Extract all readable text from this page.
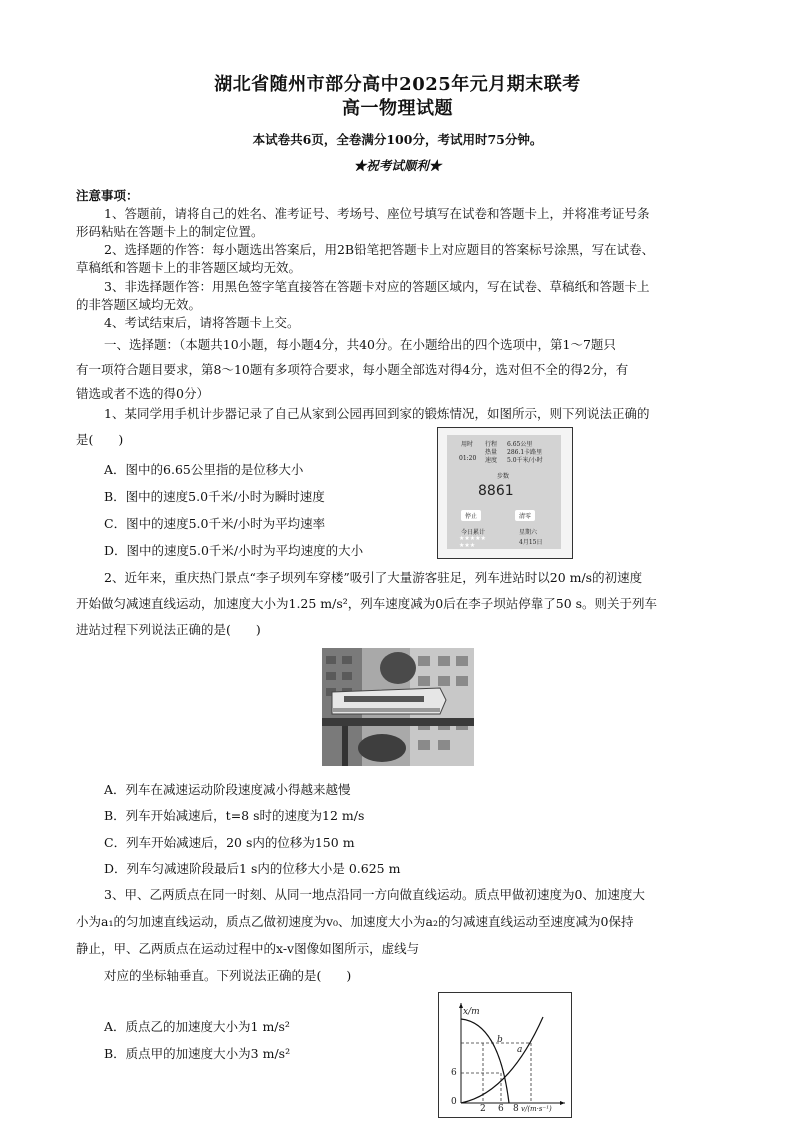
湖北省随州市部分高中2025年元月期末联考
高一物理试题
本试卷共6页，全卷满分100分，考试用时75分钟。
★祝考试顺利★
注意事项：
1、答题前，请将自己的姓名、准考证号、考场号、座位号填写在试卷和答题卡上，并将准考证号条
形码粘贴在答题卡上的制定位置。
2、选择题的作答：每小题选出答案后，用2B铅笔把答题卡上对应题目的答案标号涂黑，写在试卷、
草稿纸和答题卡上的非答题区域均无效。
3、非选择题作答：用黑色签字笔直接答在答题卡对应的答题区域内，写在试卷、草稿纸和答题卡上
的非答题区域均无效。
4、考试结束后，请将答题卡上交。
一、选择题：（本题共10小题，每小题4分，共40分。在小题给出的四个选项中，第1～7题只
有一项符合题目要求，第8～10题有多项符合要求，每小题全部选对得4分，选对但不全的得2分，有
错选或者不选的得0分）
1、某同学用手机计步器记录了自己从家到公园再回到家的锻炼情况，如图所示，则下列说法正确的
是(　　)
A．图中的6.65公里指的是位移大小
B．图中的速度5.0千米/小时为瞬时速度
C．图中的速度5.0千米/小时为平均速率
D．图中的速度5.0千米/小时为平均速度的大小
用时
01:20
行程
热量
速度
6.65公里
286.1卡路里
5.0千米/小时
步数
8861
停止	清零
今日累计
★★★★★
★★★
星期六
4月15日
2、近年来，重庆热门景点“李子坝列车穿楼”吸引了大量游客驻足，列车进站时以20 m/s的初速度
开始做匀减速直线运动，加速度大小为1.25 m/s²，列车速度减为0后在李子坝站停靠了50 s。则关于列车
进站过程下列说法正确的是(　　)
A．列车在减速运动阶段速度减小得越来越慢
B．列车开始减速后，t=8 s时的速度为12 m/s
C．列车开始减速后，20 s内的位移为150 m
D．列车匀减速阶段最后1 s内的位移大小是 0.625 m
3、甲、乙两质点在同一时刻、从同一地点沿同一方向做直线运动。质点甲做初速度为0、加速度大
小为a₁的匀加速直线运动，质点乙做初速度为v₀、加速度大小为a₂的匀减速直线运动至速度减为0保持
静止，甲、乙两质点在运动过程中的x-v图像如图所示，虚线与
对应的坐标轴垂直。下列说法正确的是(　　)
A．质点乙的加速度大小为1 m/s²
B．质点甲的加速度大小为3 m/s²
x/m
v/(m·s⁻¹)
0
6
2 6 8
a
b
